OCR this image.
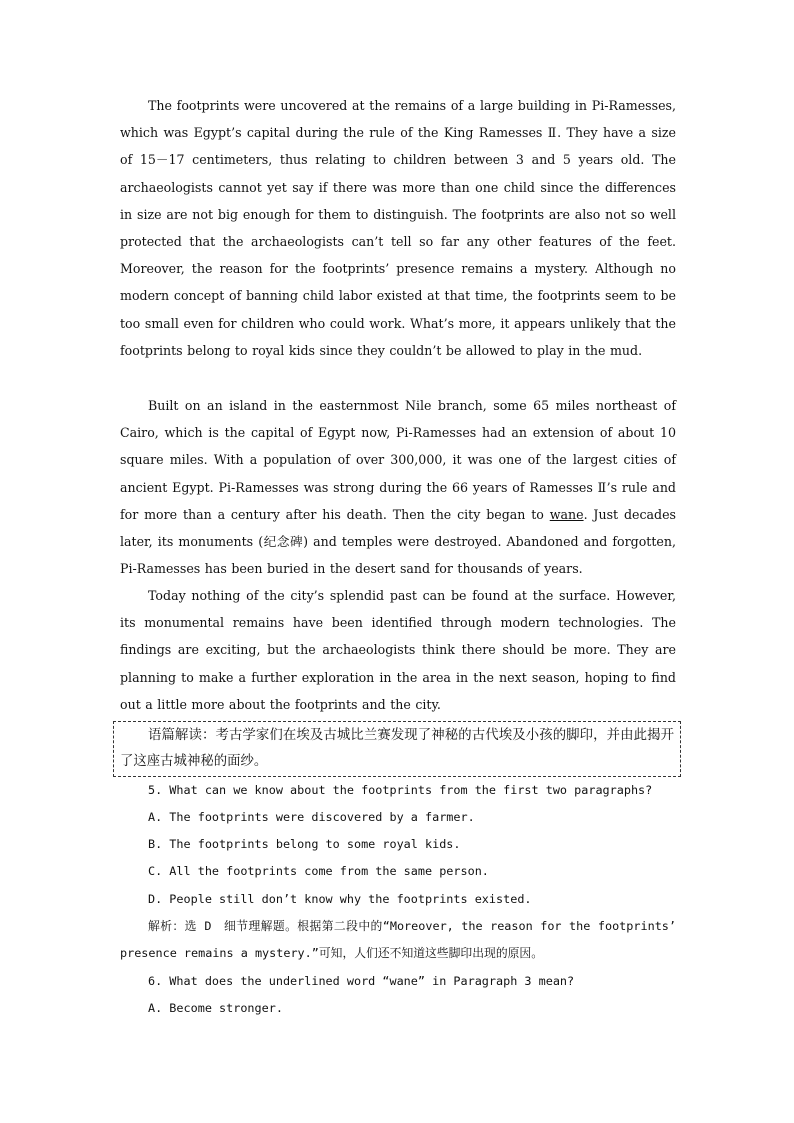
The footprints were uncovered at the remains of a large building in Pi-Ramesses, which was Egypt’s capital during the rule of the King Ramesses Ⅱ. They have a size of 15－17 centimeters, thus relating to children between 3 and 5 years old. The archaeologists cannot yet say if there was more than one child since the differences in size are not big enough for them to distinguish. The footprints are also not so well protected that the archaeologists can’t tell so far any other features of the feet. Moreover, the reason for the footprints’ presence remains a mystery. Although no modern concept of banning child labor existed at that time, the footprints seem to be too small even for children who could work. What’s more, it appears unlikely that the footprints belong to royal kids since they couldn’t be allowed to play in the mud.
Built on an island in the easternmost Nile branch, some 65 miles northeast of Cairo, which is the capital of Egypt now, Pi-Ramesses had an extension of about 10 square miles. With a population of over 300,000, it was one of the largest cities of ancient Egypt. Pi-Ramesses was strong during the 66 years of Ramesses Ⅱ’s rule and for more than a century after his death. Then the city began to wane. Just decades later, its monuments (纪念碑) and temples were destroyed. Abandoned and forgotten, Pi-Ramesses has been buried in the desert sand for thousands of years.
Today nothing of the city’s splendid past can be found at the surface. However, its monumental remains have been identified through modern technologies. The findings are exciting, but the archaeologists think there should be more. They are planning to make a further exploration in the area in the next season, hoping to find out a little more about the footprints and the city.
语篇解读：考古学家们在埃及古城比兰赛发现了神秘的古代埃及小孩的脚印，并由此揭开了这座古城神秘的面纱。
5. What can we know about the footprints from the first two paragraphs?
A. The footprints were discovered by a farmer.
B. The footprints belong to some royal kids.
C. All the footprints come from the same person.
D. People still don’t know why the footprints existed.
解析：选 D　细节理解题。根据第二段中的“Moreover, the reason for the footprints’ presence remains a mystery.”可知，人们还不知道这些脚印出现的原因。
6. What does the underlined word “wane” in Paragraph 3 mean?
A. Become stronger.
